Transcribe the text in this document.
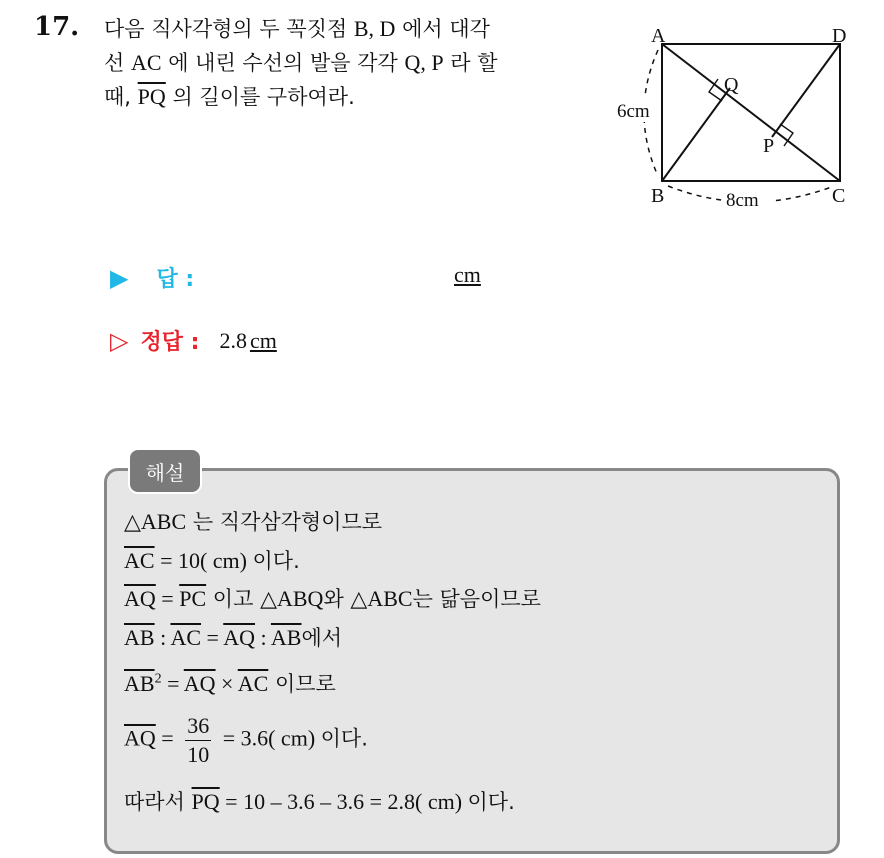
17. 다음 직사각형의 두 꼭짓점 B, D 에서 대각
선 AC 에 내린 수선의 발을 각각 Q, P 라 할
때, $\overline{PQ}$ 의 길이를 구하여라.
A	D
B	C
Q
P
6cm
8cm
▶ 답 :	cm
▷ 정답 : 2.8 cm
해설
△ABC 는 직각삼각형이므로
$\overline{AC} = 10$( cm) 이다.
$\overline{AQ} = \overline{PC}$ 이고 △ABQ와 △ABC는 닮음이므로
$\overline{AB}$ : $\overline{AC} = \overline{AQ}$ : $\overline{AB}$에서
$\overline{AB}^2 = \overline{AQ} \times \overline{AC}$ 이므로
$\overline{AQ} = \frac{36}{10} = 3.6$( cm) 이다.
따라서 $\overline{PQ} = 10 - 3.6 - 3.6 = 2.8$( cm) 이다.
